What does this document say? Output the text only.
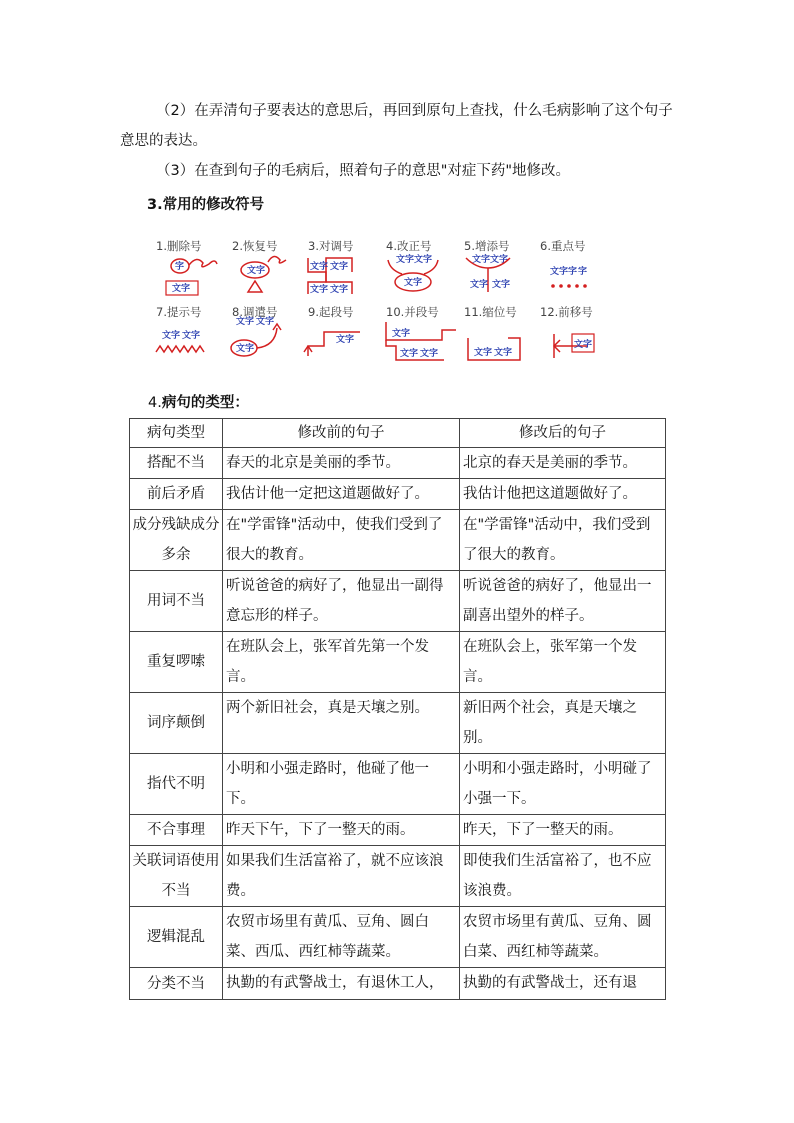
（2）在弄清句子要表达的意思后，再回到原句上查找，什么毛病影响了这个句子意思的表达。

（3）在查到句子的毛病后，照着句子的意思"对症下药"地修改。

3.常用的修改符号
1.删除号
字
文字
2.恢复号
文字
3.对调号
文字 文字
文字 文字
4.改正号
文字 文字
文字
5.增添号
文字 文字
文字 文字
6.重点号
文字 字 字
7.提示号
文字 文字
8.调遣号
文字 文字
文字
9.起段号
文字
10.并段号
文字
文字 文字
11.缩位号
文字 文字
12.前移号
文字
4.病句的类型：
病句类型	修改前的句子	修改后的句子
搭配不当	春天的北京是美丽的季节。	北京的春天是美丽的季节。
前后矛盾	我估计他一定把这道题做好了。	我估计他把这道题做好了。
成分残缺成分多余	在"学雷锋"活动中，使我们受到了很大的教育。	在"学雷锋"活动中，我们受到了很大的教育。
用词不当	听说爸爸的病好了，他显出一副得意忘形的样子。	听说爸爸的病好了，他显出一副喜出望外的样子。
重复啰嗦	在班队会上，张军首先第一个发言。	在班队会上，张军第一个发言。
词序颠倒	两个新旧社会，真是天壤之别。	新旧两个社会，真是天壤之别。
指代不明	小明和小强走路时，他碰了他一下。	小明和小强走路时，小明碰了小强一下。
不合事理	昨天下午，下了一整天的雨。	昨天，下了一整天的雨。
关联词语使用不当	如果我们生活富裕了，就不应该浪费。	即使我们生活富裕了，也不应该浪费。
逻辑混乱	农贸市场里有黄瓜、豆角、圆白菜、西瓜、西红柿等蔬菜。	农贸市场里有黄瓜、豆角、圆白菜、西红柿等蔬菜。
分类不当	执勤的有武警战士，有退休工人，	执勤的有武警战士，还有退
